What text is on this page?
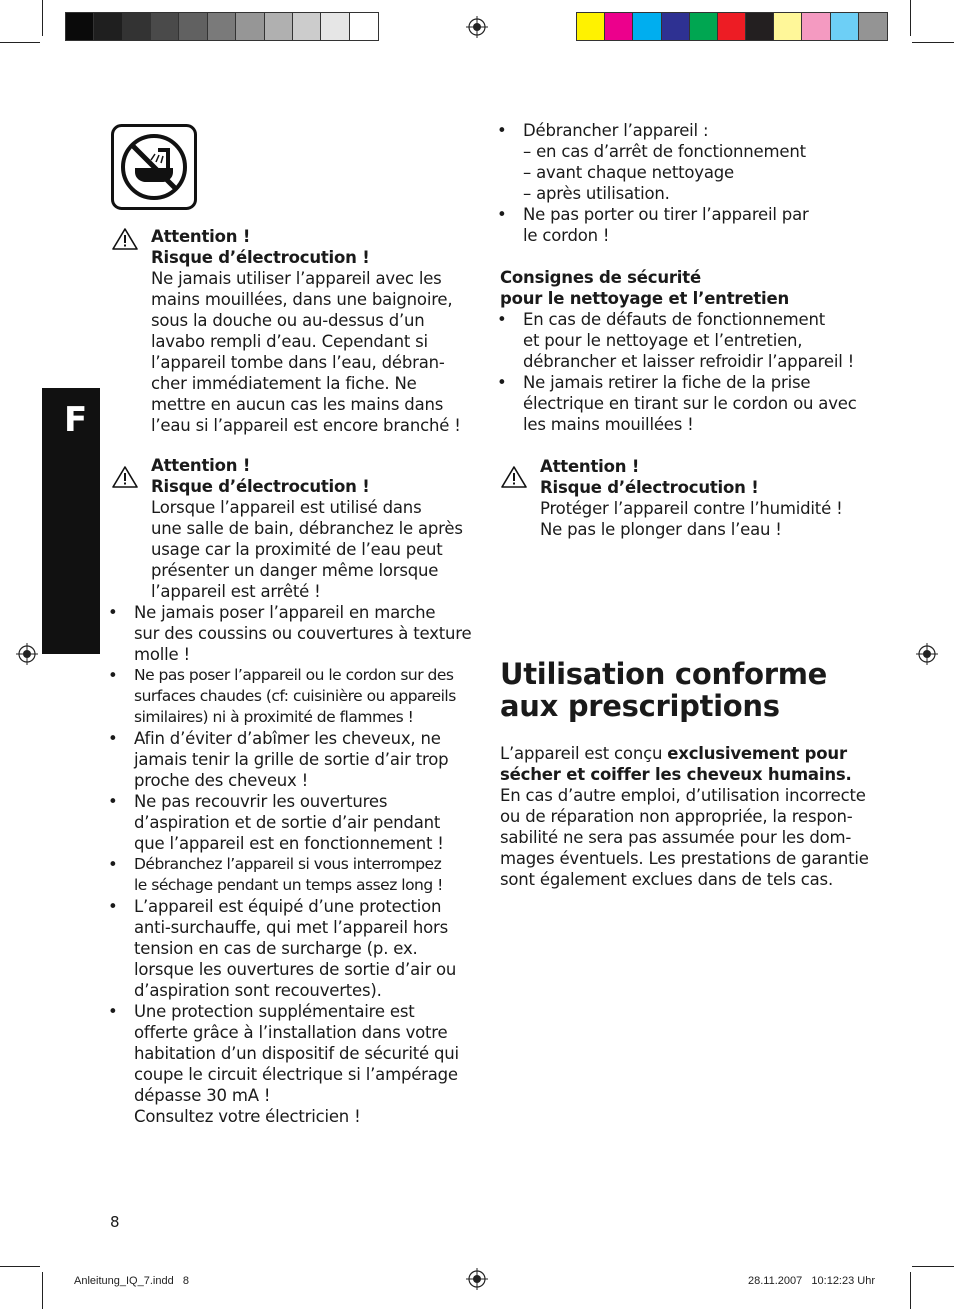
F
Attention !
Risque d’électrocution !
Ne jamais utiliser l’appareil avec les
mains mouillées, dans une baignoire,
sous la douche ou au-dessus d’un
lavabo rempli d’eau. Cependant si
l’appareil tombe dans l’eau, débran-
cher immédiatement la fiche. Ne
mettre en aucun cas les mains dans
l’eau si l’appareil est encore branché !
Attention !
Risque d’électrocution !
Lorsque l’appareil est utilisé dans
une salle de bain, débranchez le après
usage car la proximité de l’eau peut
présenter un danger même lorsque
l’appareil est arrêté !
• Ne jamais poser l’appareil en marche
sur des coussins ou couvertures à texture
molle !
• Ne pas poser l’appareil ou le cordon sur des
surfaces chaudes (cf: cuisinière ou appareils
similaires) ni à proximité de flammes !
• Afin d’éviter d’abîmer les cheveux, ne
jamais tenir la grille de sortie d’air trop
proche des cheveux !
• Ne pas recouvrir les ouvertures
d’aspiration et de sortie d’air pendant
que l’appareil est en fonctionnement !
• Débranchez l’appareil si vous interrompez
le séchage pendant un temps assez long !
• L’appareil est équipé d’une protection
anti-surchauffe, qui met l’appareil hors
tension en cas de surcharge (p. ex.
lorsque les ouvertures de sortie d’air ou
d’aspiration sont recouvertes).
• Une protection supplémentaire est
offerte grâce à l’installation dans votre
habitation d’un dispositif de sécurité qui
coupe le circuit électrique si l’ampérage
dépasse 30 mA !
Consultez votre électricien !
• Débrancher l’appareil :
– en cas d’arrêt de fonctionnement
– avant chaque nettoyage
– après utilisation.
• Ne pas porter ou tirer l’appareil par
le cordon !
Consignes de sécurité
pour le nettoyage et l’entretien
• En cas de défauts de fonctionnement
et pour le nettoyage et l’entretien,
débrancher et laisser refroidir l’appareil !
• Ne jamais retirer la fiche de la prise
électrique en tirant sur le cordon ou avec
les mains mouillées !
Attention !
Risque d’électrocution !
Protéger l’appareil contre l’humidité !
Ne pas le plonger dans l’eau !
Utilisation conforme
aux prescriptions
L’appareil est conçu exclusivement pour
sécher et coiffer les cheveux humains.
En cas d’autre emploi, d’utilisation incorrecte
ou de réparation non appropriée, la respon-
sabilité ne sera pas assumée pour les dom-
mages éventuels. Les prestations de garantie
sont également exclues dans de tels cas.
8
Anleitung_IQ_7.indd   8	28.11.2007   10:12:23 Uhr
